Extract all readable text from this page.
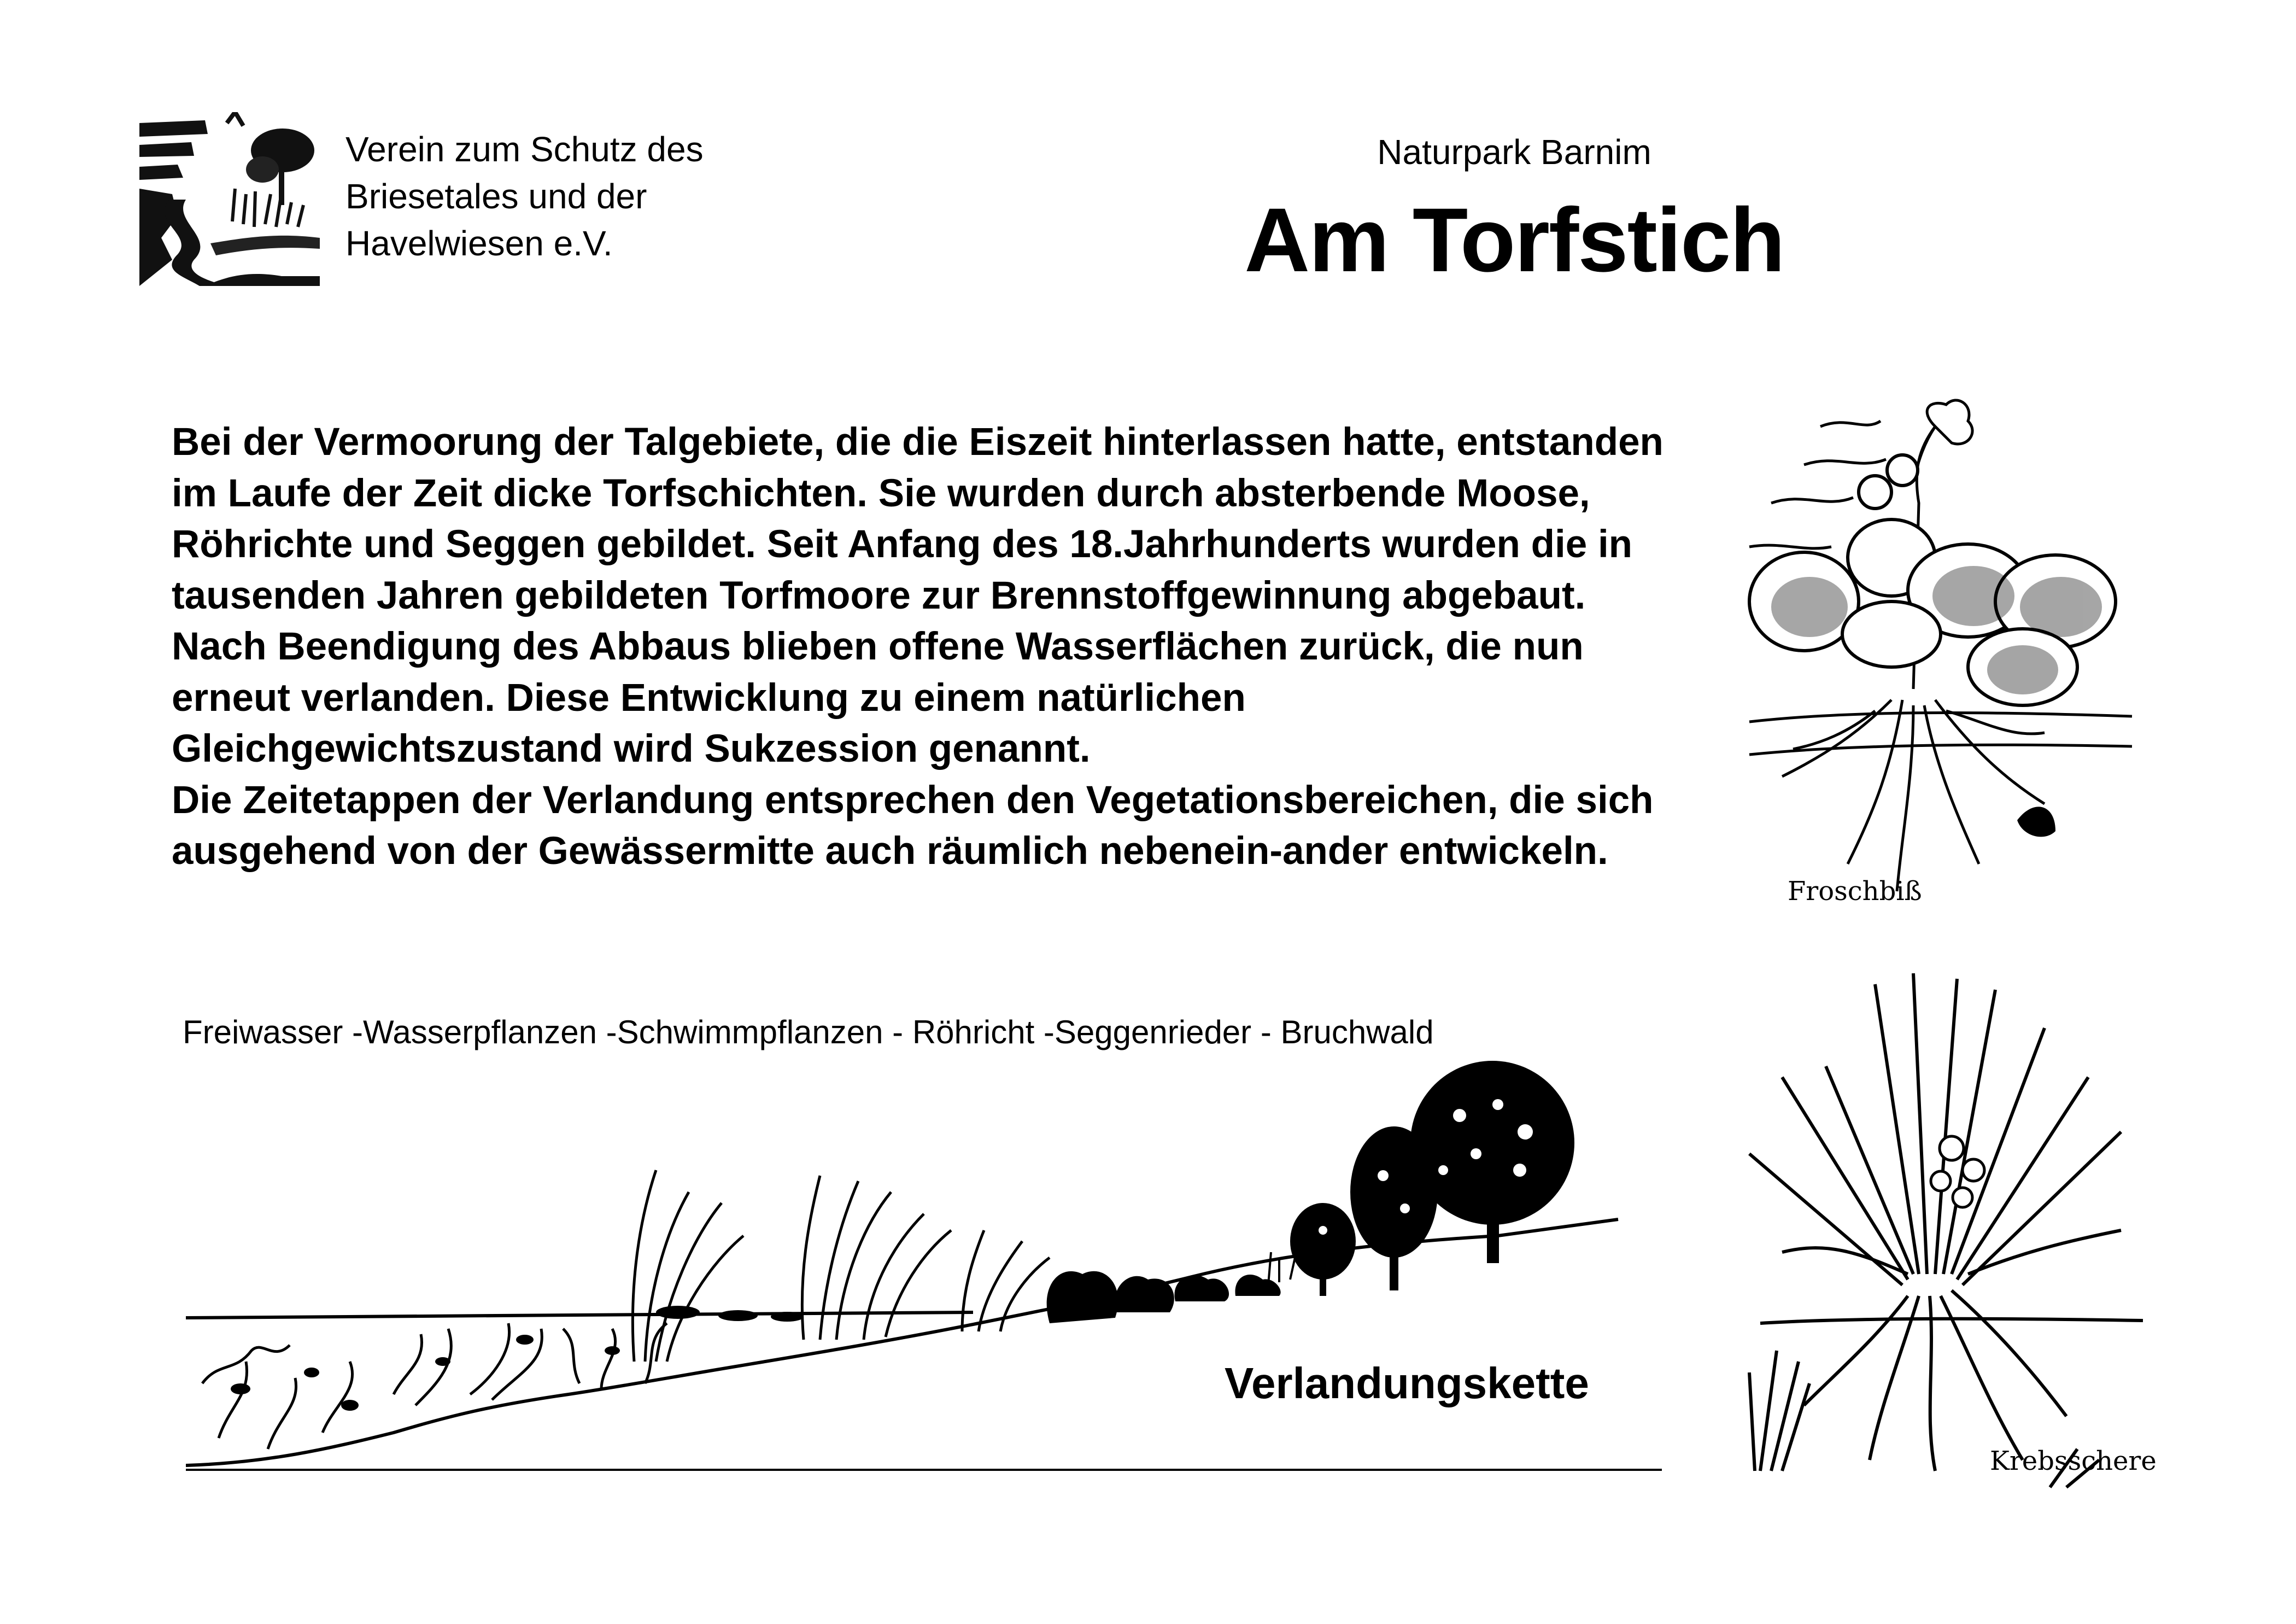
Verein zum Schutz des
Briesetales und der
Havelwiesen e.V.
Naturpark Barnim
Am Torfstich

Bei der Vermoorung der Talgebiete, die die Eiszeit hinterlassen hatte, entstanden im Laufe der Zeit dicke Torfschichten. Sie wurden durch absterbende Moose, Röhrichte und Seggen gebildet. Seit Anfang des 18.Jahrhunderts wurden die in tausenden Jahren gebildeten Torfmoore zur Brennstoffgewinnung abgebaut.

Nach Beendigung des Abbaus blieben offene Wasserflächen zurück, die nun erneut verlanden. Diese Entwicklung zu einem natürlichen Gleichgewichtszustand wird Sukzession genannt.

Die Zeitetappen der Verlandung entsprechen den Vegetationsbereichen, die sich ausgehend von der Gewässermitte auch räumlich nebenein-ander entwickeln.

Freiwasser -Wasserpflanzen -Schwimmpflanzen - Röhricht -Seggenrieder - Bruchwald
Verlandungskette
Froschbiß
Krebsschere
